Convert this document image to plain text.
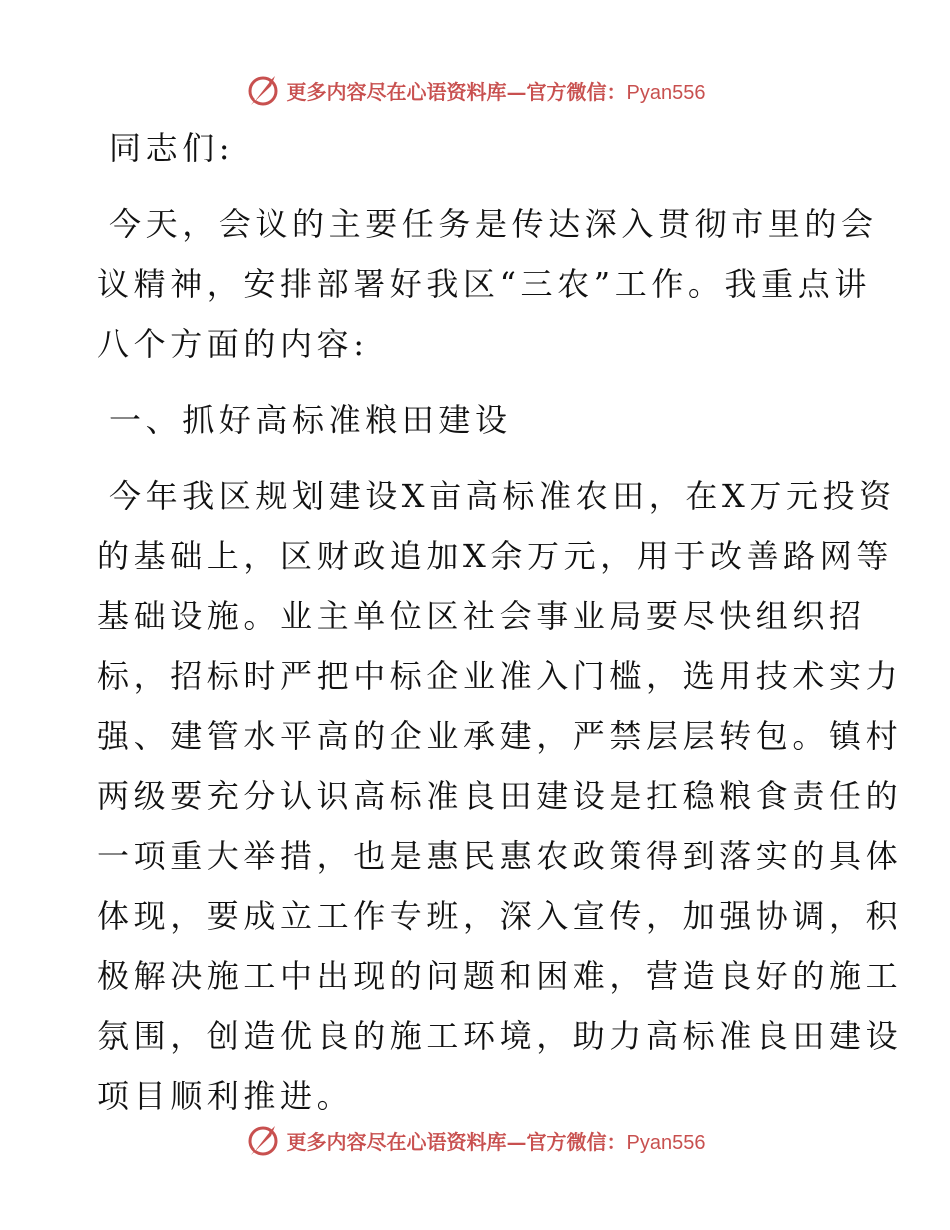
更多内容尽在心语资料库—官方微信：Pyan556
同志们:
今天，会议的主要任务是传达深入贯彻市里的会
议精神，安排部署好我区“三农”工作。我重点讲
八个方面的内容:
一、抓好高标准粮田建设
今年我区规划建设X亩高标准农田，在X万元投资
的基础上，区财政追加X余万元，用于改善路网等
基础设施。业主单位区社会事业局要尽快组织招
标，招标时严把中标企业准入门槛，选用技术实力
强、建管水平高的企业承建，严禁层层转包。镇村
两级要充分认识高标准良田建设是扛稳粮食责任的
一项重大举措，也是惠民惠农政策得到落实的具体
体现，要成立工作专班，深入宣传，加强协调，积
极解决施工中出现的问题和困难，营造良好的施工
氛围，创造优良的施工环境，助力高标准良田建设
项目顺利推进。
更多内容尽在心语资料库—官方微信：Pyan556
